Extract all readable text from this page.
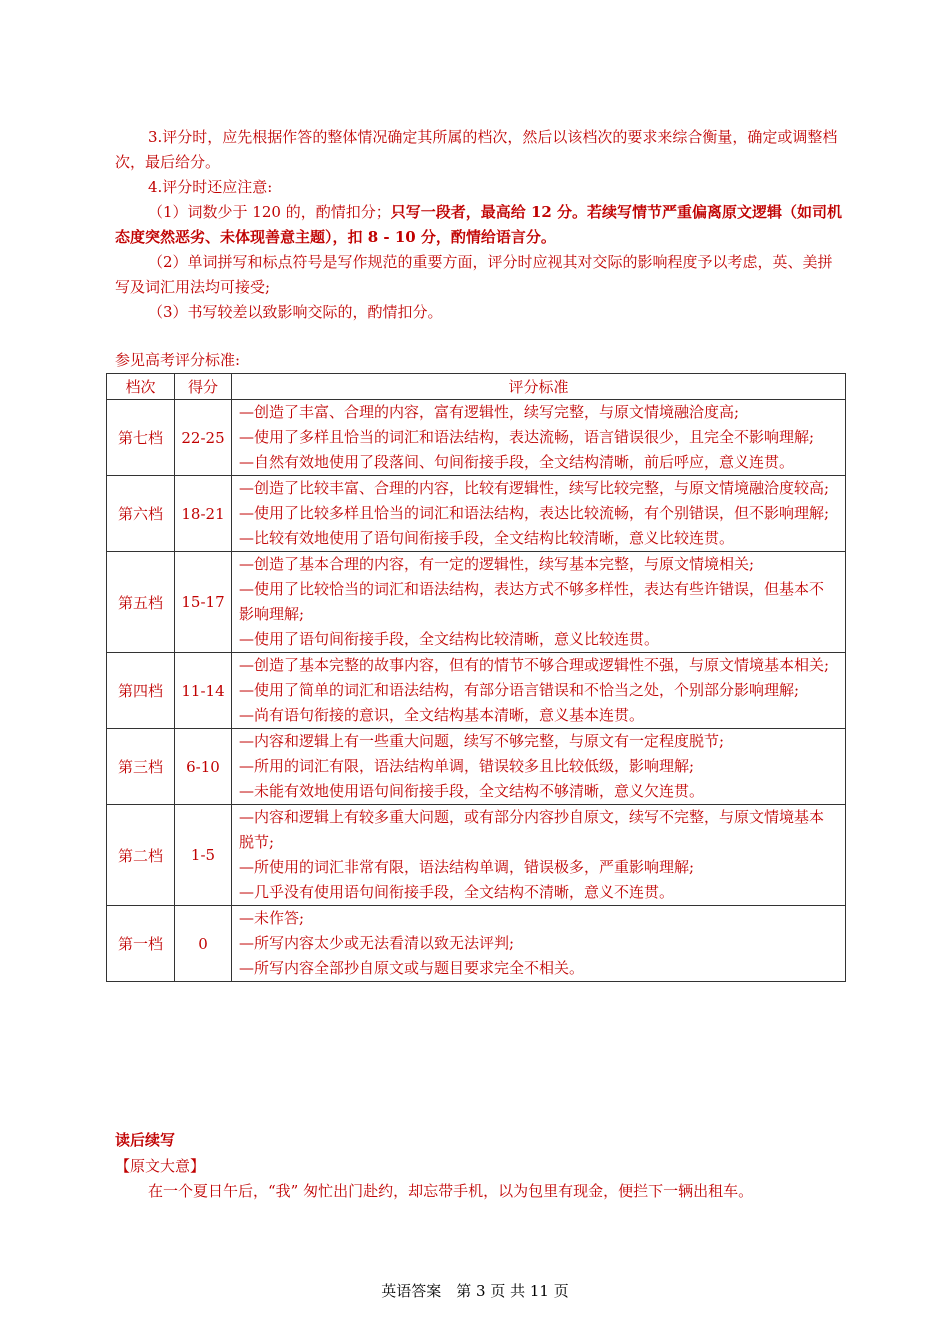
3.评分时，应先根据作答的整体情况确定其所属的档次，然后以该档次的要求来综合衡量，确定或调整档次，最后给分。

4.评分时还应注意:

（1）词数少于 120 的，酌情扣分；只写一段者，最高给 12 分。若续写情节严重偏离原文逻辑（如司机态度突然恶劣、未体现善意主题），扣 8 - 10 分，酌情给语言分。

（2）单词拼写和标点符号是写作规范的重要方面，评分时应视其对交际的影响程度予以考虑，英、美拼写及词汇用法均可接受;

（3）书写较差以致影响交际的，酌情扣分。

参见高考评分标准:
档次	得分	评分标准
第七档	22-25	—创造了丰富、合理的内容，富有逻辑性，续写完整，与原文情境融洽度高;
—使用了多样且恰当的词汇和语法结构，表达流畅，语言错误很少，且完全不影响理解;
—自然有效地使用了段落间、句间衔接手段，全文结构清晰，前后呼应，意义连贯。

第六档	18-21	—创造了比较丰富、合理的内容，比较有逻辑性，续写比较完整，与原文情境融洽度较高;
—使用了比较多样且恰当的词汇和语法结构，表达比较流畅，有个别错误，但不影响理解;
—比较有效地使用了语句间衔接手段，全文结构比较清晰，意义比较连贯。

第五档	15-17	—创造了基本合理的内容，有一定的逻辑性，续写基本完整，与原文情境相关;
—使用了比较恰当的词汇和语法结构，表达方式不够多样性，表达有些许错误，但基本不影响理解;
—使用了语句间衔接手段，全文结构比较清晰，意义比较连贯。

第四档	11-14	—创造了基本完整的故事内容，但有的情节不够合理或逻辑性不强，与原文情境基本相关;
—使用了简单的词汇和语法结构，有部分语言错误和不恰当之处，个别部分影响理解;
—尚有语句衔接的意识，全文结构基本清晰，意义基本连贯。

第三档	6-10	—内容和逻辑上有一些重大问题，续写不够完整，与原文有一定程度脱节;
—所用的词汇有限，语法结构单调，错误较多且比较低级，影响理解;
—未能有效地使用语句间衔接手段，全文结构不够清晰，意义欠连贯。

第二档	1-5	—内容和逻辑上有较多重大问题，或有部分内容抄自原文，续写不完整，与原文情境基本脱节;
—所使用的词汇非常有限，语法结构单调，错误极多，严重影响理解;
—几乎没有使用语句间衔接手段，全文结构不清晰，意义不连贯。

第一档	0	—未作答;
—所写内容太少或无法看清以致无法评判;
—所写内容全部抄自原文或与题目要求完全不相关。
读后续写

【原文大意】

在一个夏日午后，“我” 匆忙出门赴约，却忘带手机，以为包里有现金，便拦下一辆出租车。

英语答案　第 3 页 共 11 页
